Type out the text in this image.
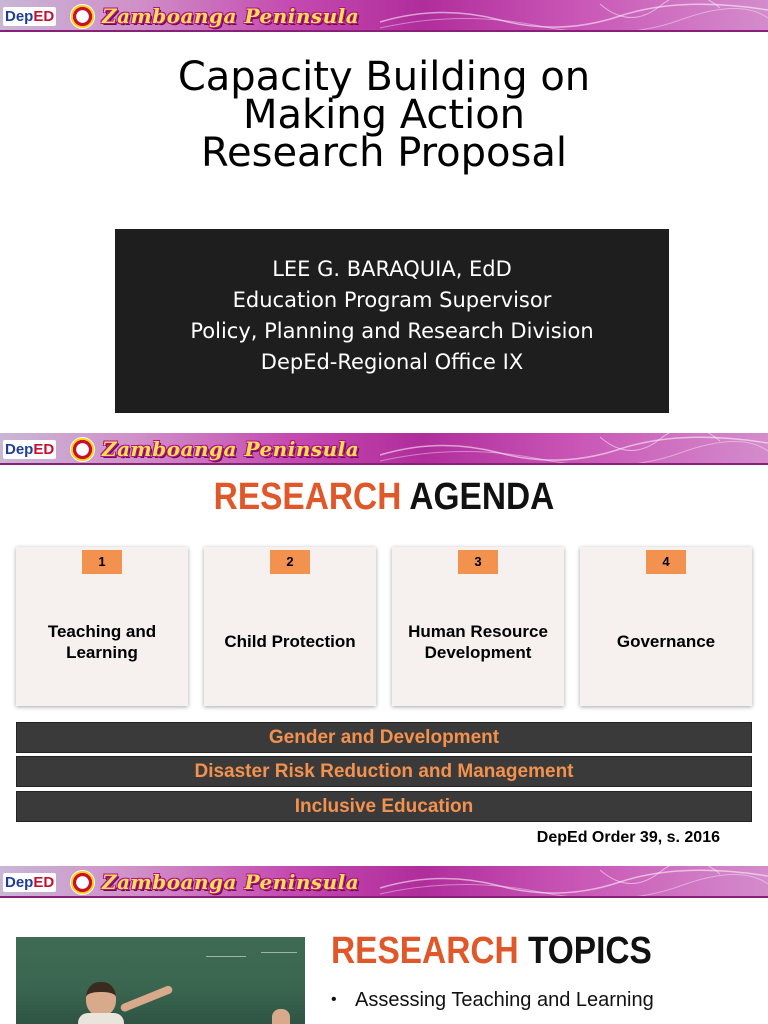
DepED Zamboanga Peninsula
Capacity Building on
Making Action
Research Proposal
LEE G. BARAQUIA, EdD
Education Program Supervisor
Policy, Planning and Research Division
DepEd-Regional Office IX
DepED Zamboanga Peninsula
RESEARCH AGENDA
1
Teaching and Learning
2
Child Protection
3
Human Resource Development
4
Governance
Gender and Development
Disaster Risk Reduction and Management
Inclusive Education
DepEd Order 39, s. 2016
DepED Zamboanga Peninsula
RESEARCH TOPICS
• Assessing Teaching and Learning
